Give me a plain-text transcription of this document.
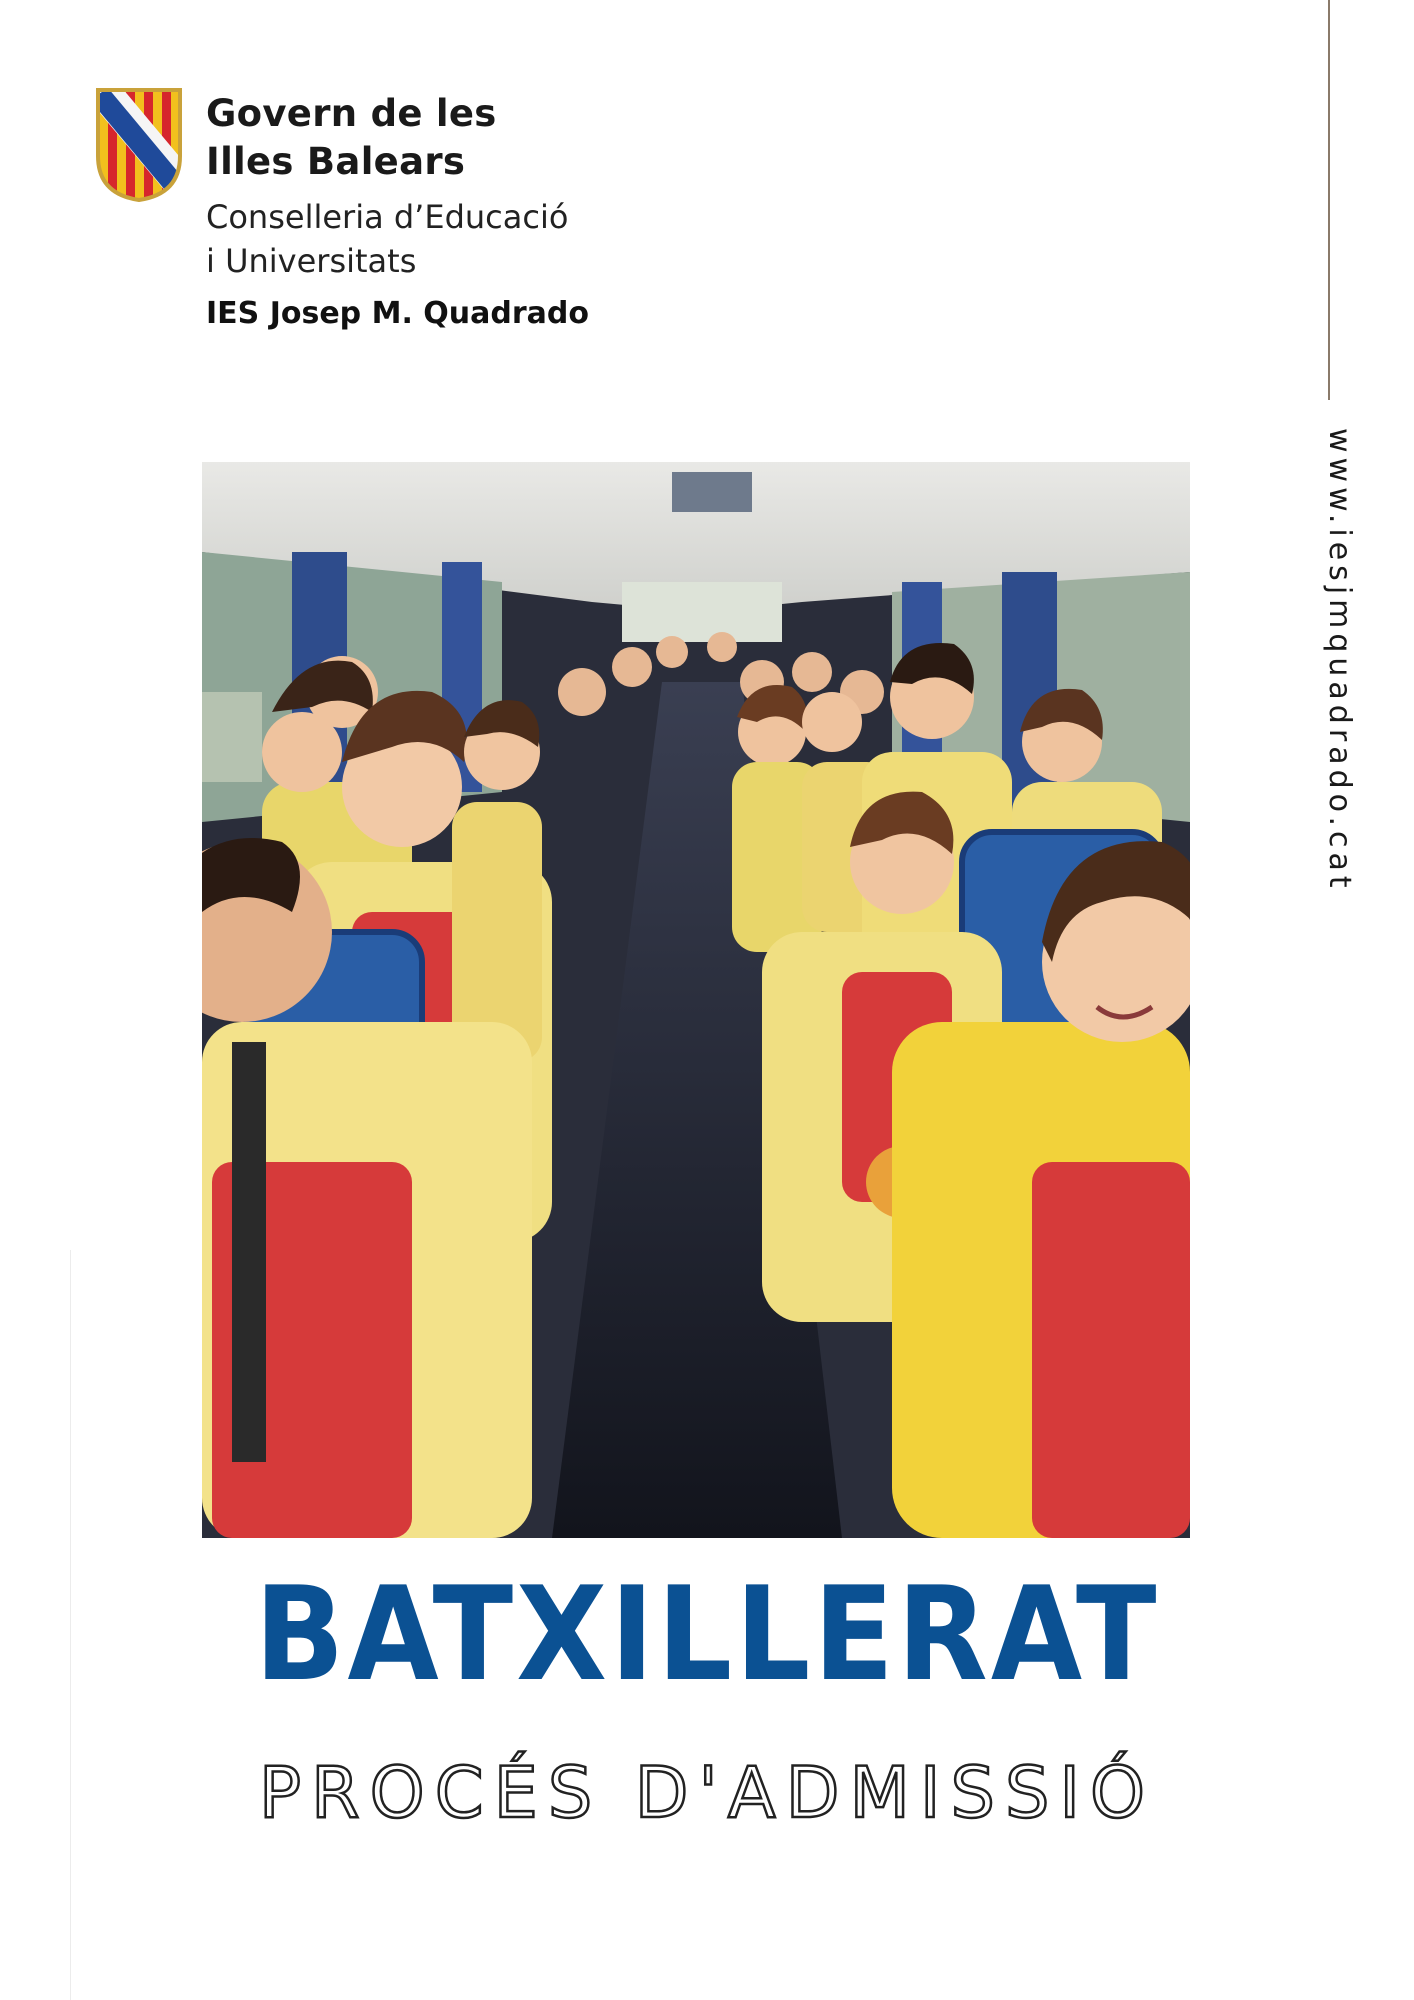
Govern de les
Illes Balears
Conselleria d’Educació
i Universitats
IES Josep M. Quadrado
www.iesjmquadrado.cat
BATXILLERAT
PROCÉS D'ADMISSIÓ
